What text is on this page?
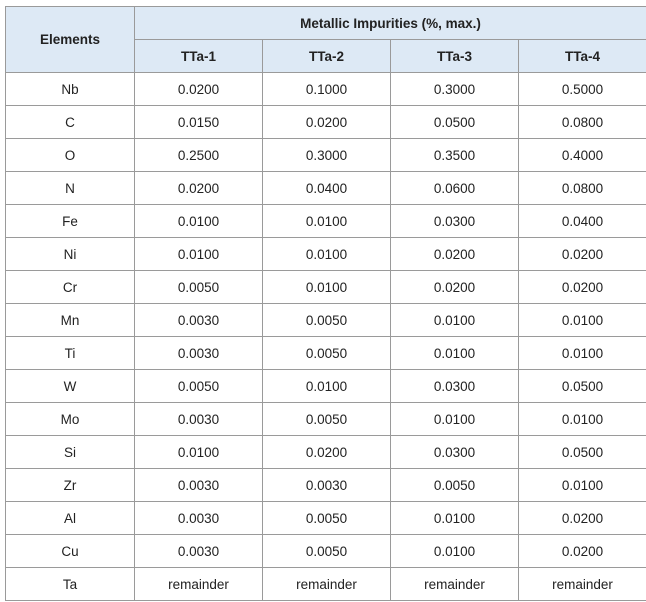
Elements	Metallic Impurities (%, max.)			
	TTa-1	TTa-2	TTa-3	TTa-4
Nb	0.0200	0.1000	0.3000	0.5000
C	0.0150	0.0200	0.0500	0.0800
O	0.2500	0.3000	0.3500	0.4000
N	0.0200	0.0400	0.0600	0.0800
Fe	0.0100	0.0100	0.0300	0.0400
Ni	0.0100	0.0100	0.0200	0.0200
Cr	0.0050	0.0100	0.0200	0.0200
Mn	0.0030	0.0050	0.0100	0.0100
Ti	0.0030	0.0050	0.0100	0.0100
W	0.0050	0.0100	0.0300	0.0500
Mo	0.0030	0.0050	0.0100	0.0100
Si	0.0100	0.0200	0.0300	0.0500
Zr	0.0030	0.0030	0.0050	0.0100
Al	0.0030	0.0050	0.0100	0.0200
Cu	0.0030	0.0050	0.0100	0.0200
Ta	remainder	remainder	remainder	remainder
